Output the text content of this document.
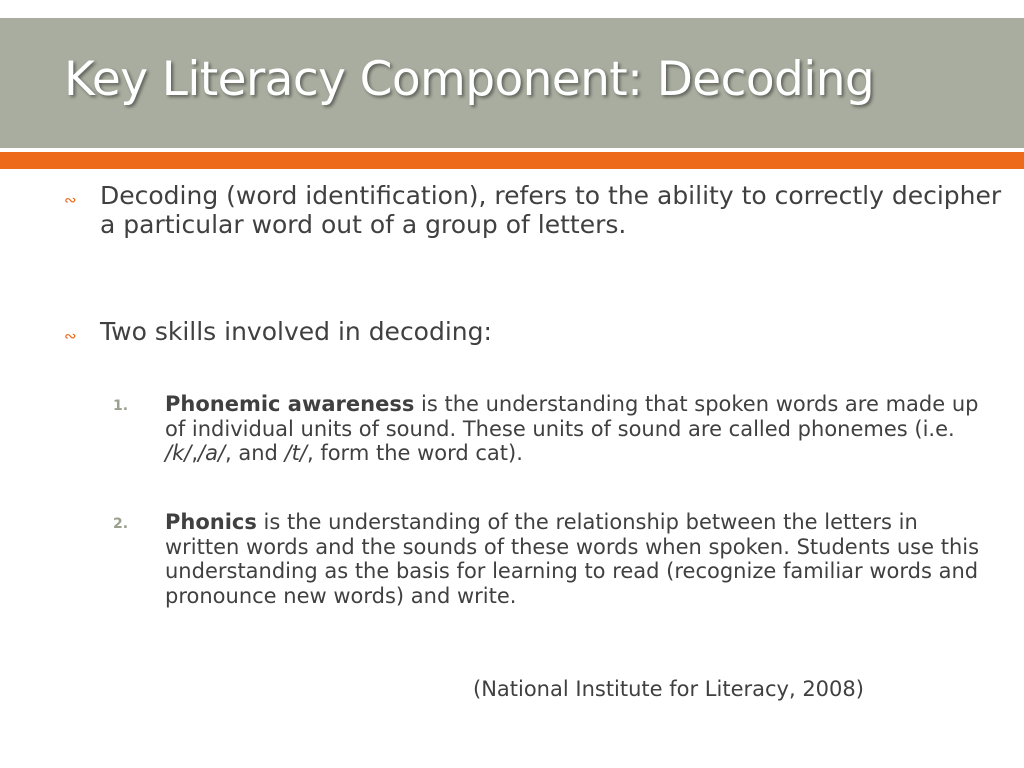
Key Literacy Component: Decoding
∾ Decoding (word identification), refers to the ability to correctly decipher a particular word out of a group of letters.
∾ Two skills involved in decoding:
1.	Phonemic awareness is the understanding that spoken words are made up of individual units of sound. These units of sound are called phonemes (i.e. /k/,/a/, and /t/, form the word cat).
2.	Phonics is the understanding of the relationship between the letters in written words and the sounds of these words when spoken. Students use this understanding as the basis for learning to read (recognize familiar words and pronounce new words) and write.
(National Institute for Literacy, 2008)
